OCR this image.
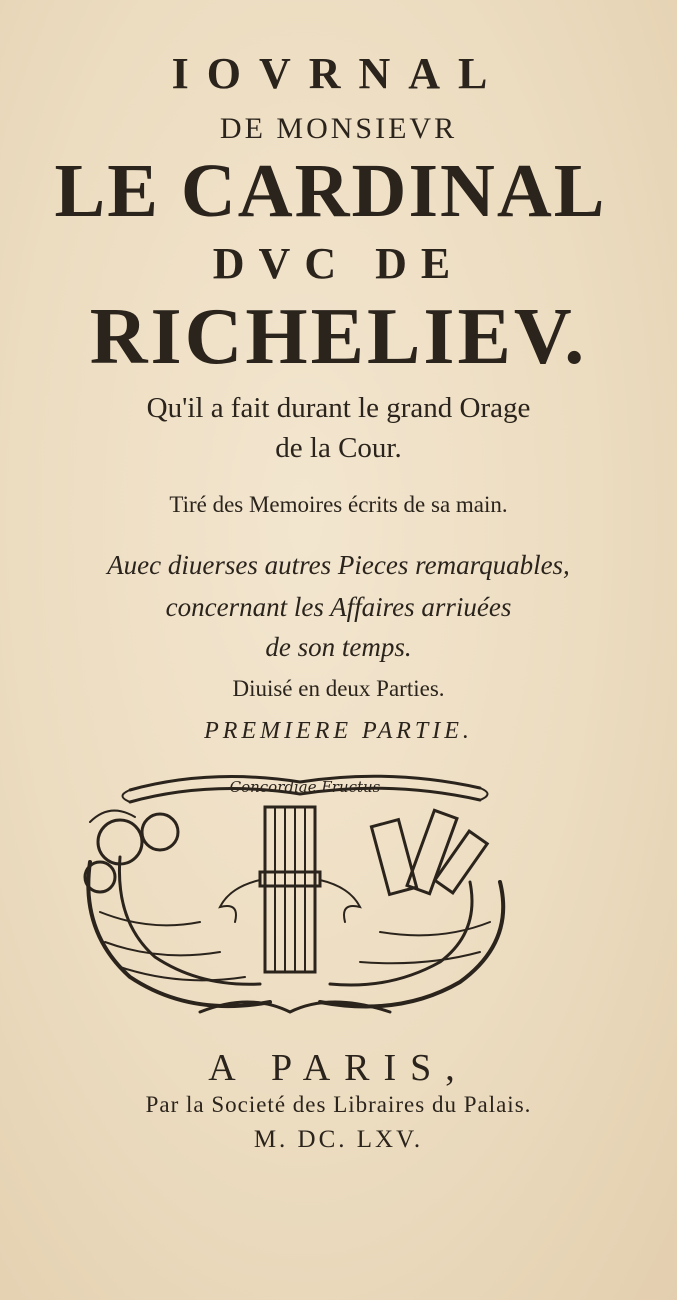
IOVRNAL
DE MONSIEVR
LE CARDINAL
DVC DE
RICHELIEV.
Qu'il a fait durant le grand Orage
de la Cour.
Tiré des Memoires écrits de sa main.
Auec diuerses autres Pieces remarquables,
concernant les Affaires arriuées
de son temps.
Diuisé en deux Parties.
PREMIERE PARTIE.
Concordiae Fructus
A PARIS,
Par la Societé des Libraires du Palais.
M. DC. LXV.
